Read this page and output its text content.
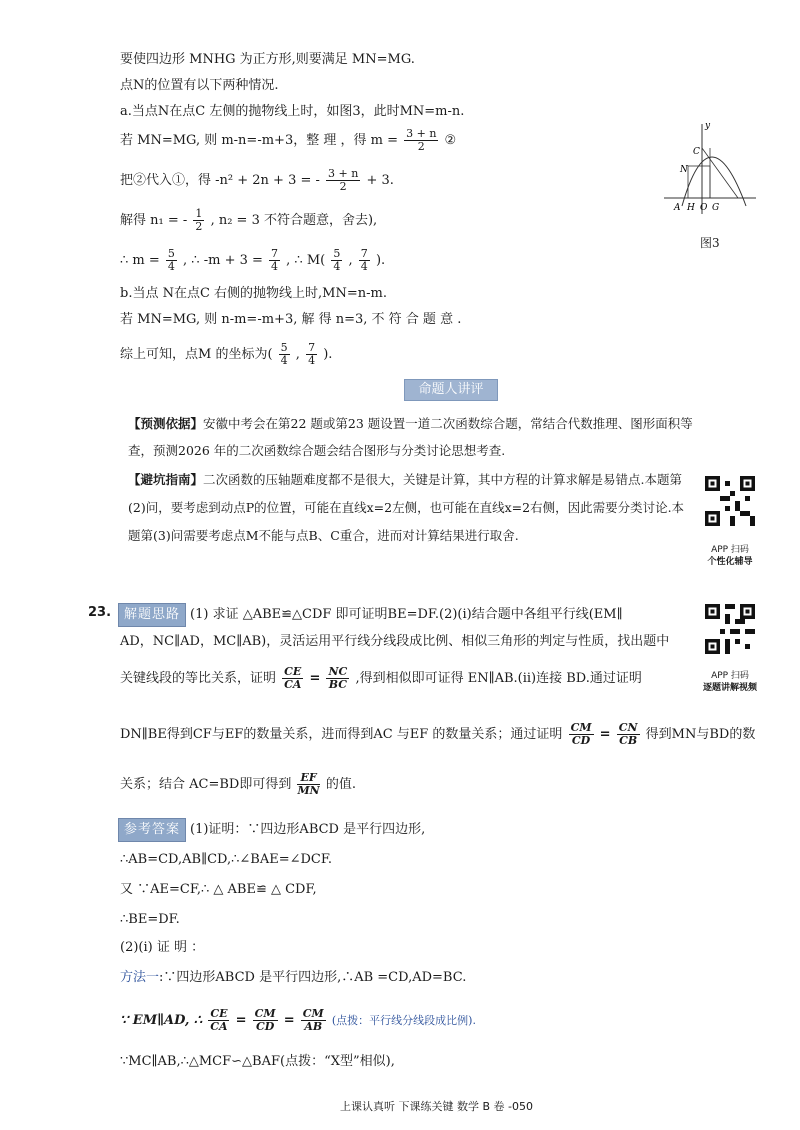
要使四边形 MNHG 为正方形,则要满足 MN=MG.
点N的位置有以下两种情况.
a.当点N在点C 左侧的抛物线上时，如图3，此时MN=m-n.
若 MN=MG, 则 m-n=-m+3，整 理 ，得 $m = \frac{3 + n}{2}$ ②
把②代入①，得 -n² + 2n + 3 = - $\frac{3 + n}{2} + 3$.
解得 n₁ = - $\frac{1}{2}$ , n₂ = 3 不符合题意，舍去),
∴ $m = \frac{5}{4}$ , ∴ $-m + 3 = \frac{7}{4}$ , ∴ $M( \frac{5}{4}$ , $\frac{7}{4}$ ).
b.当点 N在点C 右侧的抛物线上时,MN=n-m.
若 MN=MG, 则 n-m=-m+3, 解 得 n=3, 不 符 合 题 意 .
综上可知，点M 的坐标为( $\frac{5}{4}$ , $\frac{7}{4}$ ).
y
C
N
A H O G
图3
命题人讲评
【预测依据】安徽中考会在第22 题或第23 题设置一道二次函数综合题，常结合代数推理、图形面积等查，预测2026 年的二次函数综合题会结合图形与分类讨论思想考查.
【避坑指南】二次函数的压轴题难度都不是很大，关键是计算，其中方程的计算求解是易错点.本题第(2)问，要考虑到动点P的位置，可能在直线x=2左侧，也可能在直线x=2右侧，因此需要分类讨论.本题第(3)问需要考虑点M不能与点B、C重合，进而对计算结果进行取舍.
APP 扫码
个性化辅导
23. 解题思路 (1) 求证 △ABE≌△CDF 即可证明BE=DF.(2)(i)结合题中各组平行线(EM∥
AD，NC∥AD，MC∥AB)，灵活运用平行线分线段成比例、相似三角形的判定与性质，找出题中
关键线段的等比关系，证明 $\frac{CE}{CA} = \frac{NC}{BC}$ ,得到相似即可证得 EN∥AB.(ii)连接 BD.通过证明
DN∥BE得到CF与EF的数量关系，进而得到AC 与EF 的数量关系；通过证明 $\frac{CM}{CD} = \frac{CN}{CB}$ 得到MN与BD的数
关系；结合 AC=BD即可得到 $\frac{EF}{MN}$ 的值.
APP 扫码
逐题讲解视频
参考答案 (1)证明：∵四边形ABCD 是平行四边形,
∴AB=CD,AB∥CD,∴∠BAE=∠DCF.
又 ∵AE=CF,∴ △ ABE≌ △ CDF,
∴BE=DF.
(2)(i) 证 明 ：
方法一:∵四边形ABCD 是平行四边形,∴AB =CD,AD=BC.
∵ EM∥AD, ∴ $\frac{CE}{CA} = \frac{CM}{CD} = \frac{CM}{AB}$ (点拨：平行线分线段成比例).
∵MC∥AB,∴△MCF∽△BAF(点拨：“X型”相似),
上课认真听 下课练关键 数学 B 卷 -050
